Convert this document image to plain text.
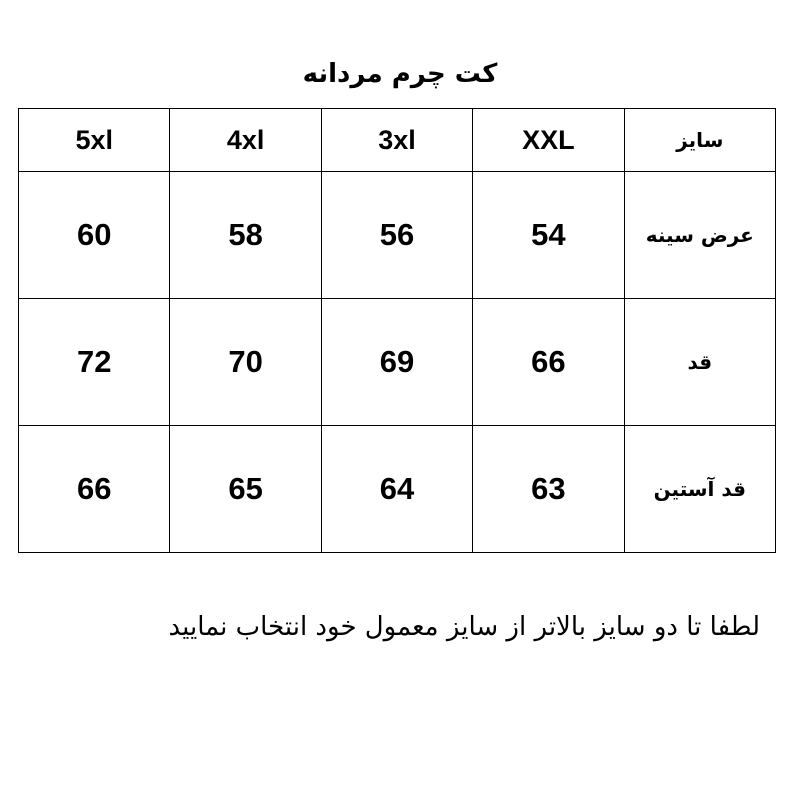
کت چرم مردانه
سایز	XXL	3xl	4xl	5xl
عرض سینه	54	56	58	60
قد	66	69	70	72
قد آستین	63	64	65	66
لطفا تا دو سایز بالاتر از سایز معمول خود انتخاب نمایید
